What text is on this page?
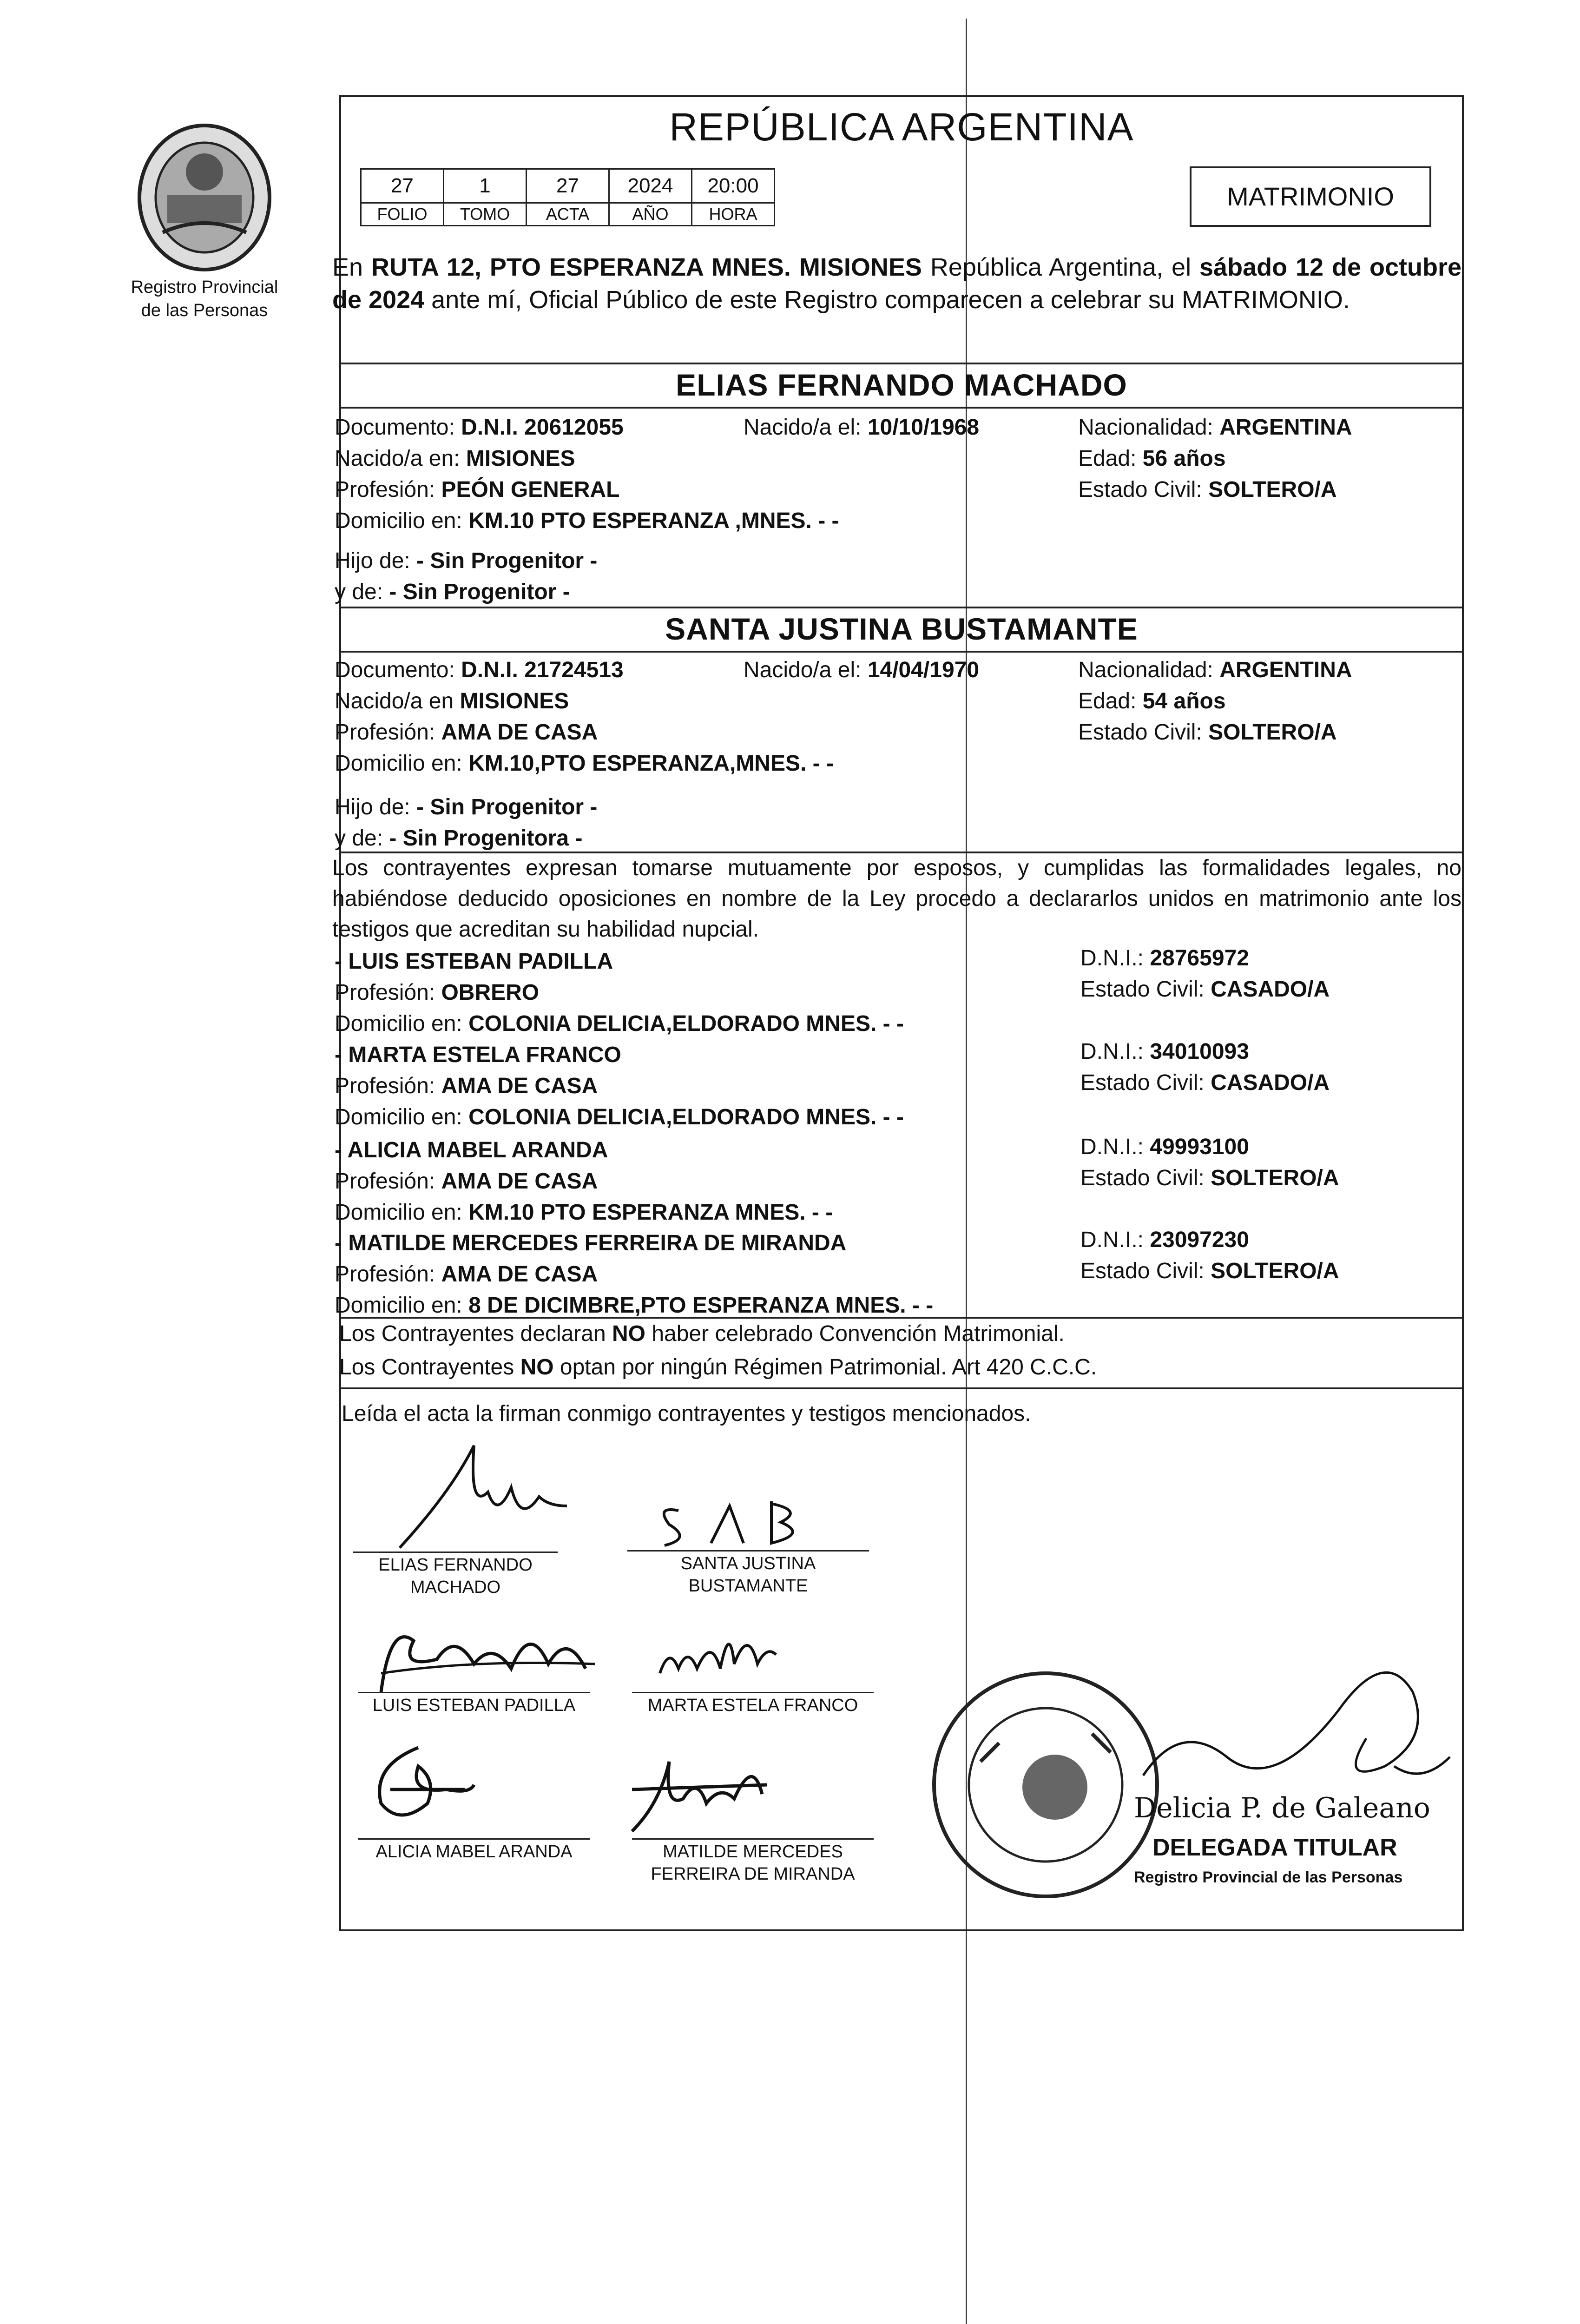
Registro Provincial
de las Personas
REPÚBLICA ARGENTINA
27	1	27	2024	20:00
FOLIO	TOMO	ACTA	AÑO	HORA
MATRIMONIO
En RUTA 12, PTO ESPERANZA MNES. MISIONES República Argentina, el sábado 12 de octubre de 2024 ante mí, Oficial Público de este Registro comparecen a celebrar su MATRIMONIO.
ELIAS FERNANDO MACHADO
Documento: D.N.I. 20612055	Nacido/a el: 10/10/1968	Nacionalidad: ARGENTINA
Nacido/a en: MISIONES	Edad: 56 años
Profesión: PEÓN GENERAL	Estado Civil: SOLTERO/A
Domicilio en: KM.10 PTO ESPERANZA ,MNES. - -
Hijo de: - Sin Progenitor -
y de: - Sin Progenitor -
SANTA JUSTINA BUSTAMANTE
Documento: D.N.I. 21724513	Nacido/a el: 14/04/1970	Nacionalidad: ARGENTINA
Nacido/a en MISIONES	Edad: 54 años
Profesión: AMA DE CASA	Estado Civil: SOLTERO/A
Domicilio en: KM.10,PTO ESPERANZA,MNES. - -
Hijo de: - Sin Progenitor -
y de: - Sin Progenitora -
Los contrayentes expresan tomarse mutuamente por esposos, y cumplidas las formalidades legales, no habiéndose deducido oposiciones en nombre de la Ley procedo a declararlos unidos en matrimonio ante los testigos que acreditan su habilidad nupcial.
- LUIS ESTEBAN PADILLA	D.N.I.: 28765972
Profesión: OBRERO	Estado Civil: CASADO/A
Domicilio en: COLONIA DELICIA,ELDORADO MNES. - -
- MARTA ESTELA FRANCO	D.N.I.: 34010093
Profesión: AMA DE CASA	Estado Civil: CASADO/A
Domicilio en: COLONIA DELICIA,ELDORADO MNES. - -
- ALICIA MABEL ARANDA	D.N.I.: 49993100
Profesión: AMA DE CASA	Estado Civil: SOLTERO/A
Domicilio en: KM.10 PTO ESPERANZA MNES. - -
- MATILDE MERCEDES FERREIRA DE MIRANDA	D.N.I.: 23097230
Profesión: AMA DE CASA	Estado Civil: SOLTERO/A
Domicilio en: 8 DE DICIMBRE,PTO ESPERANZA MNES. - -
Los Contrayentes declaran NO haber celebrado Convención Matrimonial.
Los Contrayentes NO optan por ningún Régimen Patrimonial. Art 420 C.C.C.
Leída el acta la firman conmigo contrayentes y testigos mencionados.
ELIAS FERNANDO
MACHADO
SANTA JUSTINA
BUSTAMANTE
LUIS ESTEBAN PADILLA	MARTA ESTELA FRANCO
ALICIA MABEL ARANDA	MATILDE MERCEDES
FERREIRA DE MIRANDA
Delicia P. de Galeano
DELEGADA TITULAR
Registro Provincial de las Personas
